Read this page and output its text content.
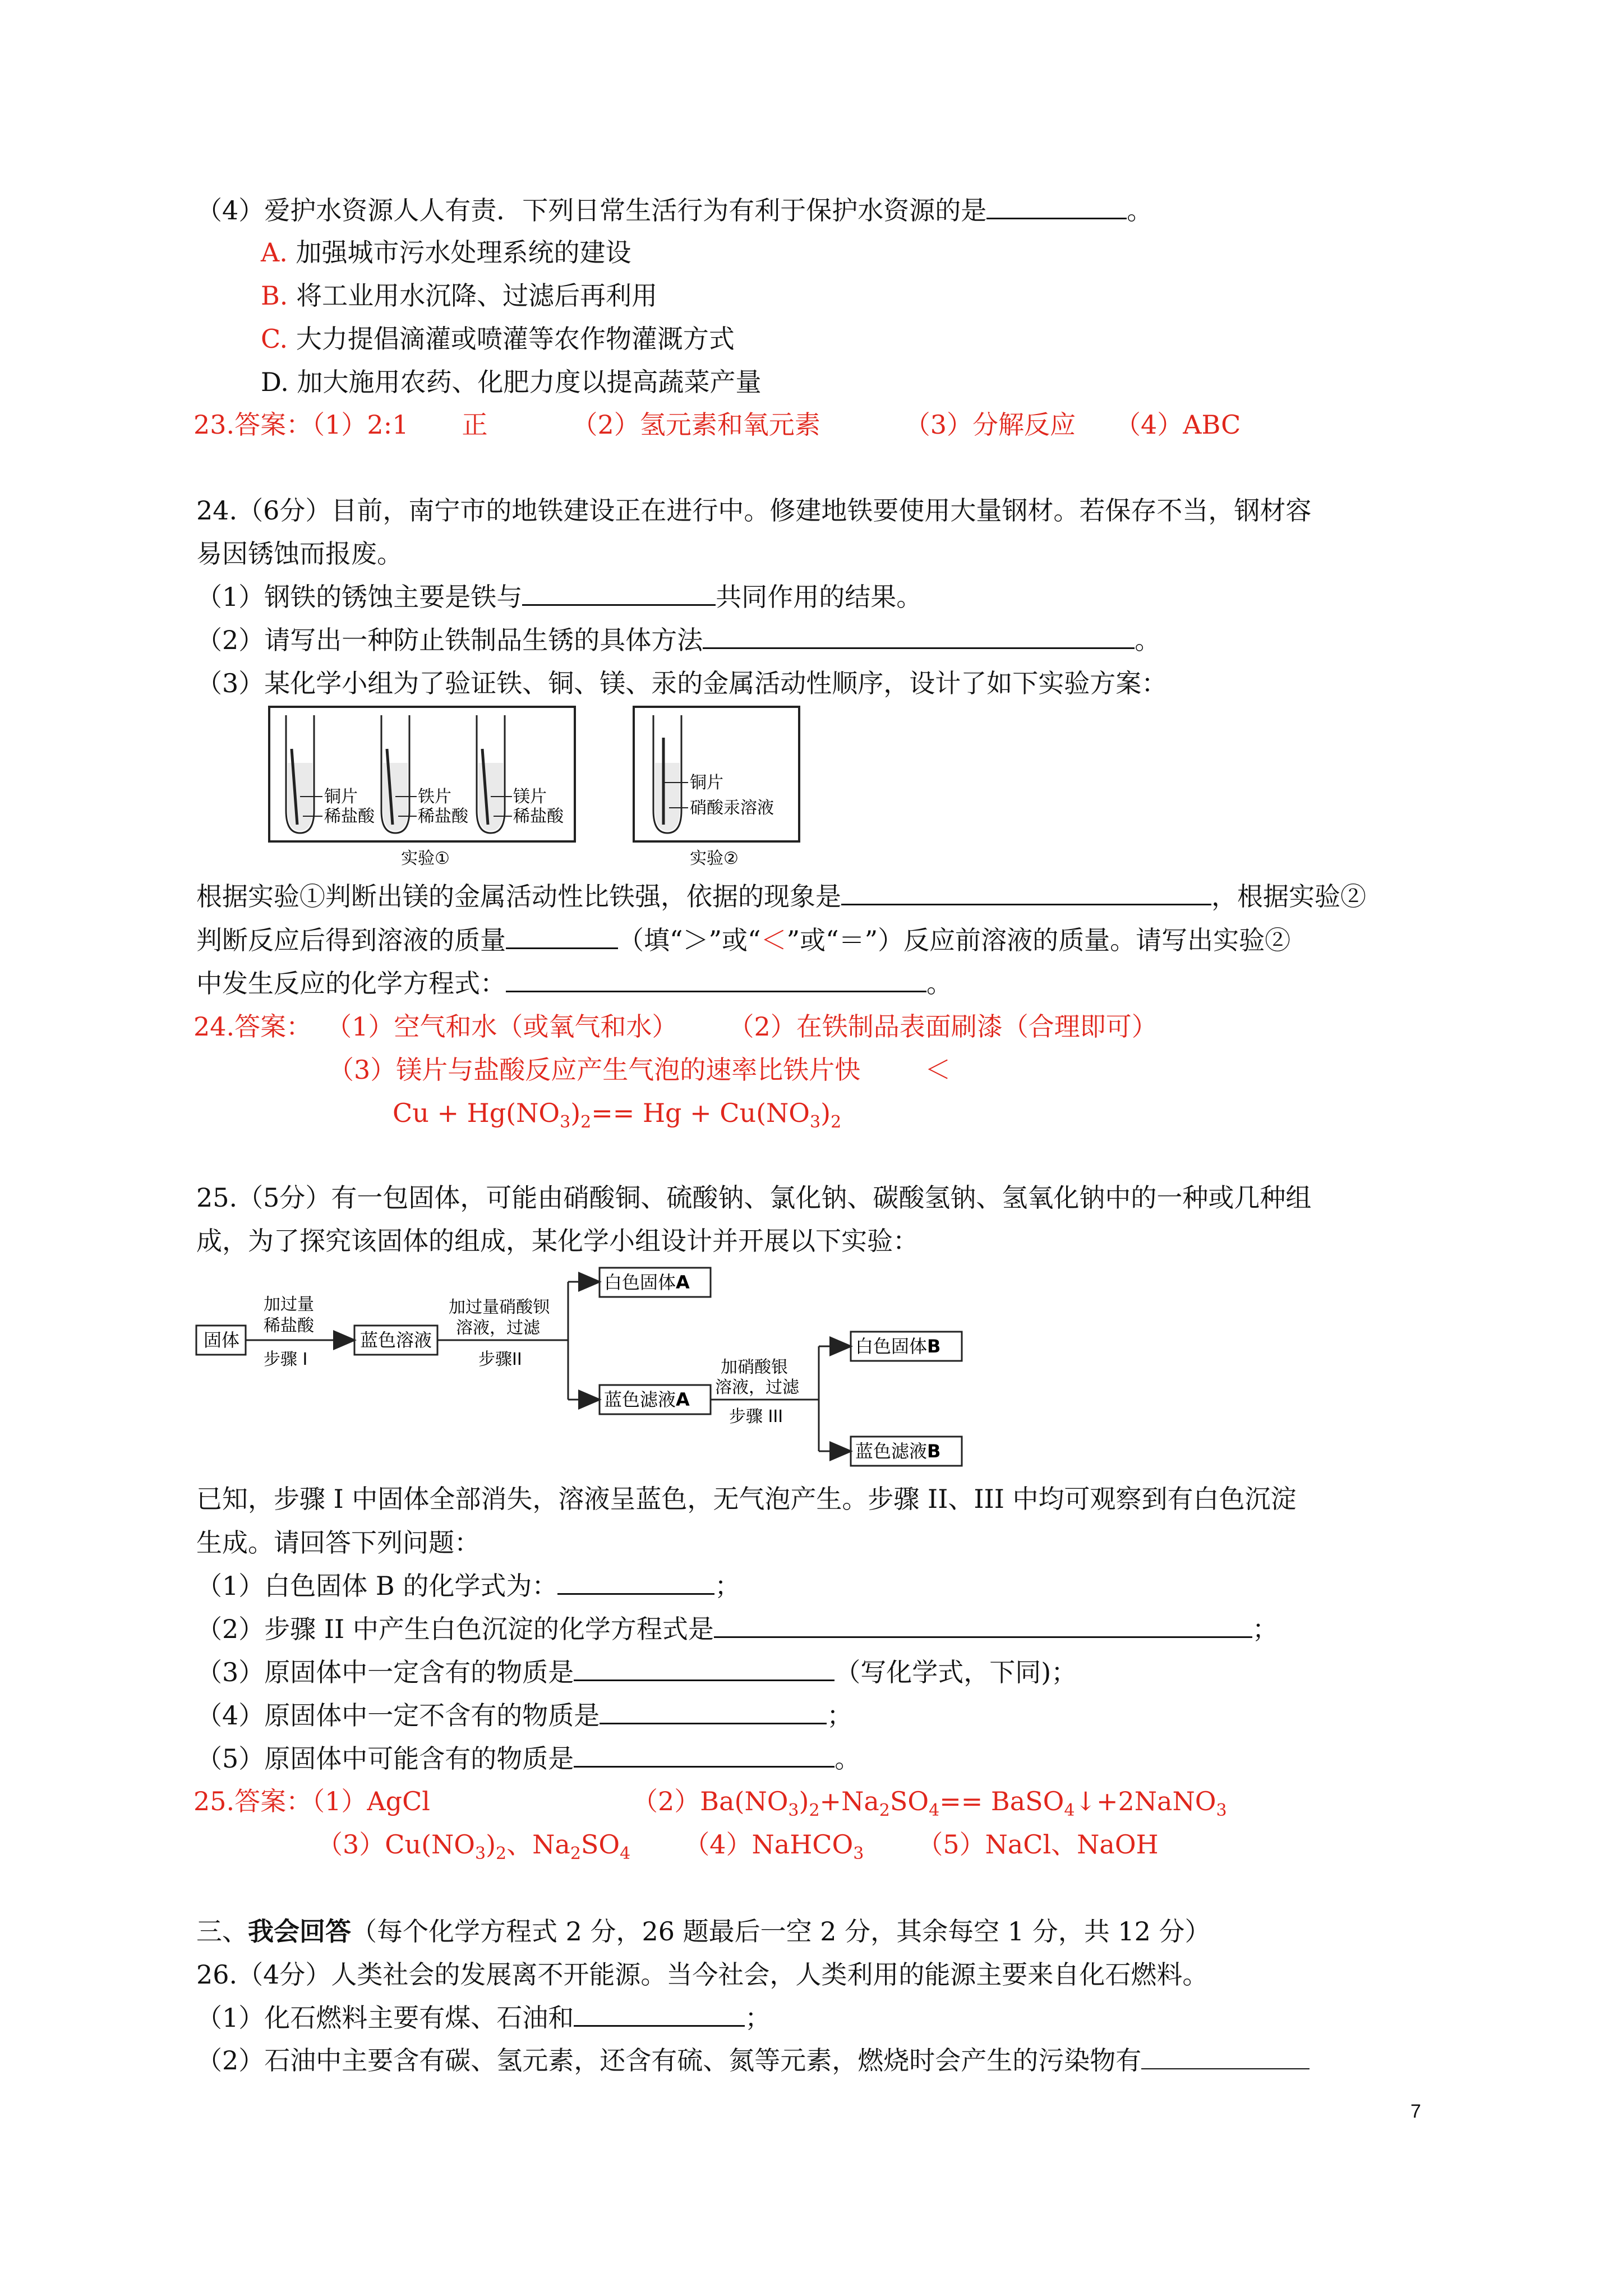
（4）爱护水资源人人有责．下列日常生活行为有利于保护水资源的是	。
A. 加强城市污水处理系统的建设
B. 将工业用水沉降、过滤后再利用
C. 大力提倡滴灌或喷灌等农作物灌溉方式
D. 加大施用农药、化肥力度以提高蔬菜产量
23.答案：（1）2:1 正	（2）氢元素和氧元素	（3）分解反应 （4）ABC
24.（6分）目前，南宁市的地铁建设正在进行中。修建地铁要使用大量钢材。若保存不当，钢材容
易因锈蚀而报废。
（1）钢铁的锈蚀主要是铁与	共同作用的结果。
（2）请写出一种防止铁制品生锈的具体方法	。
（3）某化学小组为了验证铁、铜、镁、汞的金属活动性顺序，设计了如下实验方案：
铜片
稀盐酸
铁片
稀盐酸
镁片
稀盐酸
实验①
铜片
硝酸汞溶液
实验②
根据实验①判断出镁的金属活动性比铁强，依据的现象是	，根据实验②
判断反应后得到溶液的质量	（填“＞”或“＜”或“＝”）反应前溶液的质量。请写出实验②
中发生反应的化学方程式：	。
24.答案： （1）空气和水（或氧气和水） （2）在铁制品表面刷漆（合理即可）
（3）镁片与盐酸反应产生气泡的速率比铁片快	＜
$Cu + Hg(NO_3)_2== Hg + Cu(NO_3)_2$
25.（5分）有一包固体，可能由硝酸铜、硫酸钠、氯化钠、碳酸氢钠、氢氧化钠中的一种或几种组
成，为了探究该固体的组成，某化学小组设计并开展以下实验：
固体
加过量
稀盐酸
步骤 I
蓝色溶液
加过量硝酸钡
溶液，过滤
步骤II
白色固体A
蓝色滤液A
加硝酸银
溶液，过滤
步骤 III
白色固体B
蓝色滤液B
已知，步骤 I 中固体全部消失，溶液呈蓝色，无气泡产生。步骤 II、III 中均可观察到有白色沉淀
生成。请回答下列问题：
（1）白色固体 B 的化学式为：	；
（2）步骤 II 中产生白色沉淀的化学方程式是	；
（3）原固体中一定含有的物质是	（写化学式，下同)；
（4）原固体中一定不含有的物质是	；
（5）原固体中可能含有的物质是	。
25.答案：（1）AgCl	$(2)Ba(NO_3)_2+Na_2SO_4==$ BaSO$_4$↓+2NaNO$_3$
$(3)Cu(NO_3)_2$、$Na_2SO_4$ （4）NaHCO$_3$ （5）NaCl、NaOH
三、我会回答（每个化学方程式 2 分，26 题最后一空 2 分，其余每空 1 分，共 12 分）
26.（4分）人类社会的发展离不开能源。当今社会，人类利用的能源主要来自化石燃料。
（1）化石燃料主要有煤、石油和	；
（2）石油中主要含有碳、氢元素，还含有硫、氮等元素，燃烧时会产生的污染物有
7
